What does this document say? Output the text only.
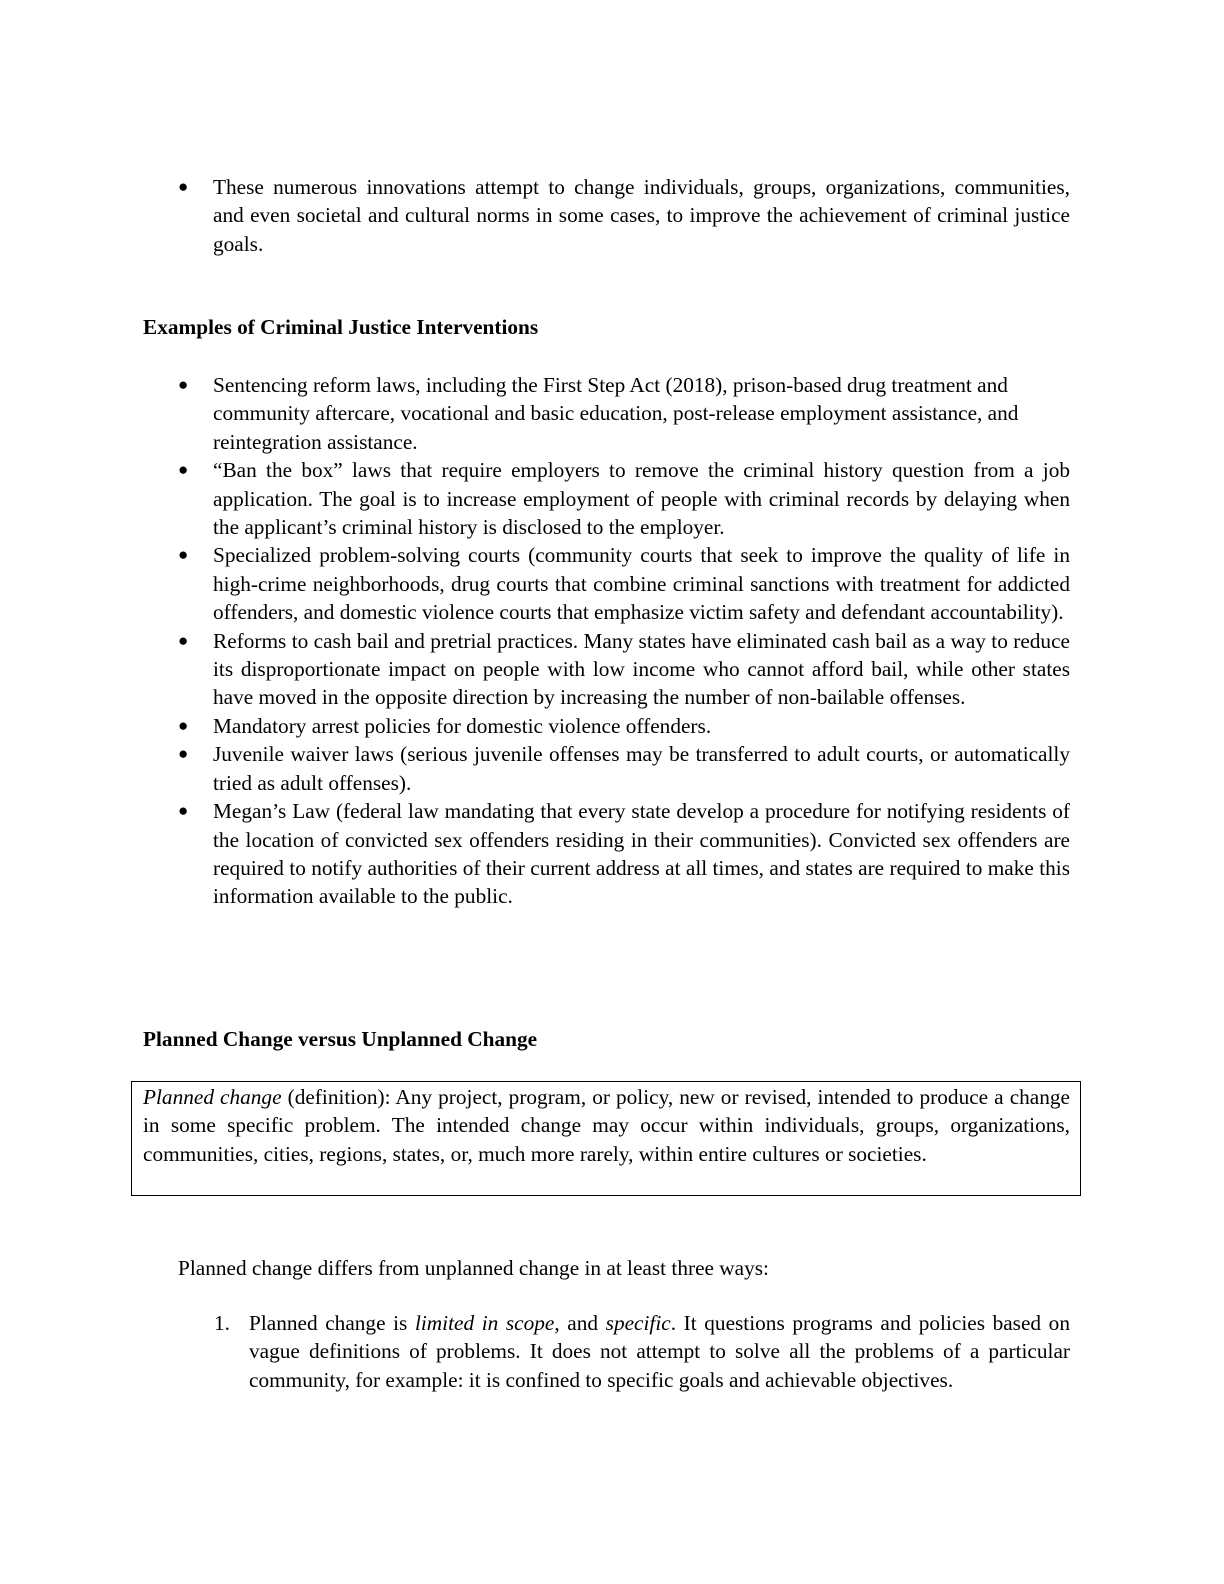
●	These numerous innovations attempt to change individuals, groups, organizations, communities, and even societal and cultural norms in some cases, to improve the achievement of criminal justice goals.
Examples of Criminal Justice Interventions
●	Sentencing reform laws, including the First Step Act (2018), prison-based drug treatment and community aftercare, vocational and basic education, post-release employment assistance, and reintegration assistance.
●	“Ban the box” laws that require employers to remove the criminal history question from a job application. The goal is to increase employment of people with criminal records by delaying when the applicant’s criminal history is disclosed to the employer.
●	Specialized problem-solving courts (community courts that seek to improve the quality of life in high-crime neighborhoods, drug courts that combine criminal sanctions with treatment for addicted offenders, and domestic violence courts that emphasize victim safety and defendant accountability).
●	Reforms to cash bail and pretrial practices. Many states have eliminated cash bail as a way to reduce its disproportionate impact on people with low income who cannot afford bail, while other states have moved in the opposite direction by increasing the number of non-bailable offenses.
●	Mandatory arrest policies for domestic violence offenders.
●	Juvenile waiver laws (serious juvenile offenses may be transferred to adult courts, or automatically tried as adult offenses).
●	Megan’s Law (federal law mandating that every state develop a procedure for notifying residents of the location of convicted sex offenders residing in their communities). Convicted sex offenders are required to notify authorities of their current address at all times, and states are required to make this information available to the public.
Planned Change versus Unplanned Change
Planned change (definition): Any project, program, or policy, new or revised, intended to produce a change in some specific problem. The intended change may occur within individuals, groups, organizations, communities, cities, regions, states, or, much more rarely, within entire cultures or societies.
Planned change differs from unplanned change in at least three ways:
1. Planned change is limited in scope, and specific. It questions programs and policies based on vague definitions of problems. It does not attempt to solve all the problems of a particular community, for example: it is confined to specific goals and achievable objectives.
